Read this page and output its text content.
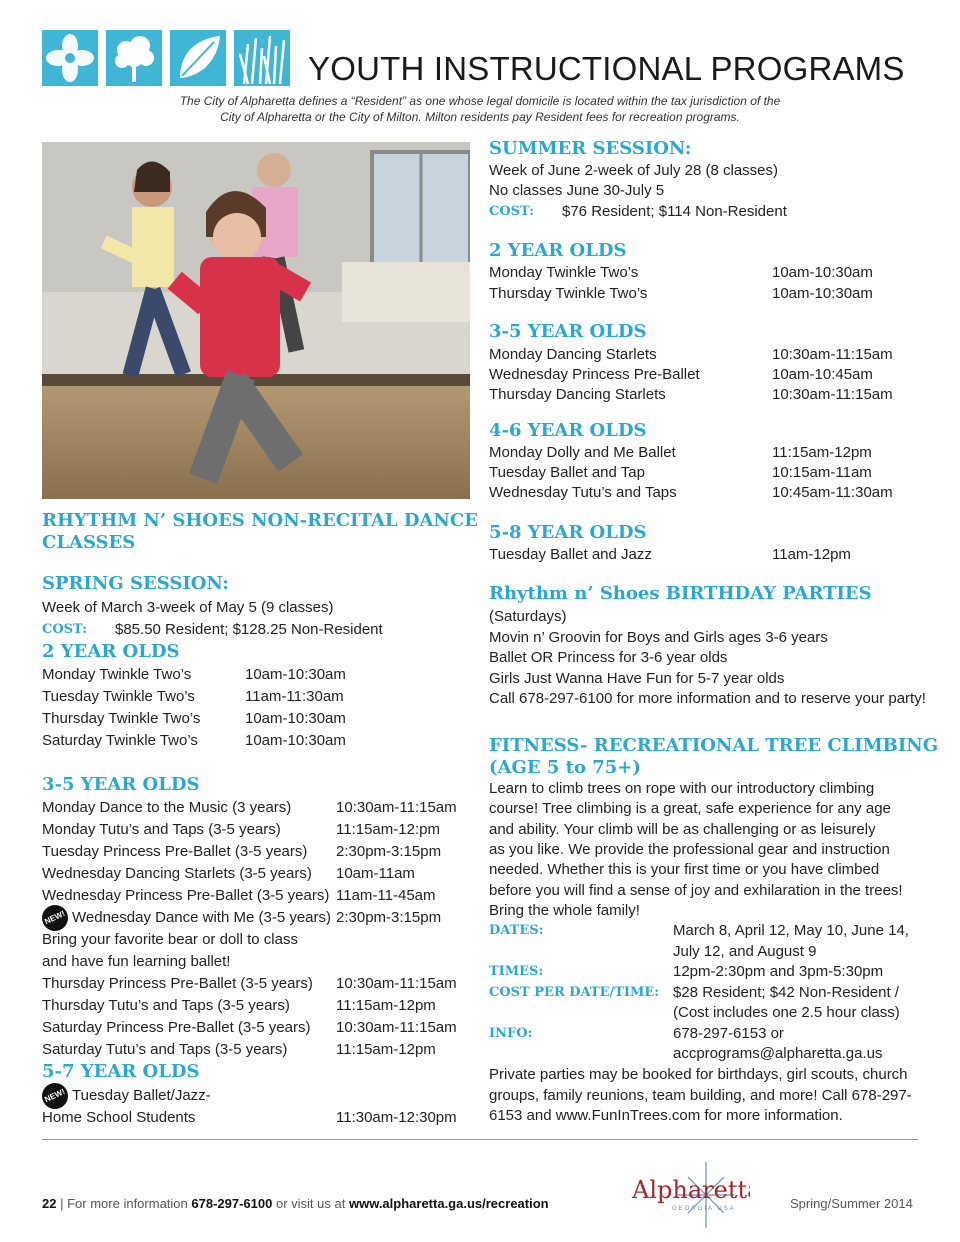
YOUTH INSTRUCTIONAL PROGRAMS
The City of Alpharetta defines a “Resident” as one whose legal domicile is located within the tax jurisdiction of the
City of Alpharetta or the City of Milton. Milton residents pay Resident fees for recreation programs.
RHYTHM N’ SHOES NON-RECITAL DANCE
CLASSES
SPRING SESSION:
Week of March 3-week of May 5 (9 classes)
COST: $85.50 Resident; $128.25 Non-Resident
2 YEAR OLDS
Monday Twinkle Two’s	10am-10:30am
Tuesday Twinkle Two’s	11am-11:30am
Thursday Twinkle Two’s	10am-10:30am
Saturday Twinkle Two’s	10am-10:30am
3-5 YEAR OLDS
Monday Dance to the Music (3 years)	10:30am-11:15am
Monday Tutu’s and Taps (3-5 years)	11:15am-12:pm
Tuesday Princess Pre-Ballet (3-5 years) 2:30pm-3:15pm
Wednesday Dancing Starlets (3-5 years) 10am-11am
Wednesday Princess Pre-Ballet (3-5 years) 11am-11-45am
Wednesday Dance with Me (3-5 years) 2:30pm-3:15pm
NEW!
Bring your favorite bear or doll to class
and have fun learning ballet!
Thursday Princess Pre-Ballet (3-5 years) 10:30am-11:15am
Thursday Tutu’s and Taps (3-5 years)	11:15am-12pm
Saturday Princess Pre-Ballet (3-5 years) 10:30am-11:15am
Saturday Tutu’s and Taps (3-5 years)	11:15am-12pm
5-7 YEAR OLDS
NEW! Tuesday Ballet/Jazz-
Home School Students	11:30am-12:30pm
SUMMER SESSION:
Week of June 2-week of July 28 (8 classes)
No classes June 30-July 5
COST: $76 Resident; $114 Non-Resident
2 YEAR OLDS
Monday Twinkle Two’s	10am-10:30am
Thursday Twinkle Two’s	10am-10:30am
3-5 YEAR OLDS
Monday Dancing Starlets	10:30am-11:15am
Wednesday Princess Pre-Ballet	10am-10:45am
Thursday Dancing Starlets	10:30am-11:15am
4-6 YEAR OLDS
Monday Dolly and Me Ballet	11:15am-12pm
Tuesday Ballet and Tap	10:15am-11am
Wednesday Tutu’s and Taps	10:45am-11:30am
5-8 YEAR OLDS
Tuesday Ballet and Jazz	11am-12pm
Rhythm n’ Shoes BIRTHDAY PARTIES
(Saturdays)
Movin n’ Groovin for Boys and Girls ages 3-6 years
Ballet OR Princess for 3-6 year olds
Girls Just Wanna Have Fun for 5-7 year olds
Call 678-297-6100 for more information and to reserve your party!
FITNESS- RECREATIONAL TREE CLIMBING
(AGE 5 to 75+)
Learn to climb trees on rope with our introductory climbing
course! Tree climbing is a great, safe experience for any age
and ability. Your climb will be as challenging or as leisurely
as you like. We provide the professional gear and instruction
needed. Whether this is your first time or you have climbed
before you will find a sense of joy and exhilaration in the trees!
Bring the whole family!
DATES:	March 8, April 12, May 10, June 14,
July 12, and August 9
TIMES:	12pm-2:30pm and 3pm-5:30pm
COST PER DATE/TIME: $28 Resident; $42 Non-Resident /
(Cost includes one 2.5 hour class)
INFO:	678-297-6153 or
accprograms@alpharetta.ga.us
Private parties may be booked for birthdays, girl scouts, church
groups, family reunions, team building, and more! Call 678-297-
6153 and www.FunInTrees.com for more information.
22 | For more information 678-297-6100 or visit us at www.alpharetta.ga.us/recreation	Alpharetta
GEORGIA USA	Spring/Summer 2014
